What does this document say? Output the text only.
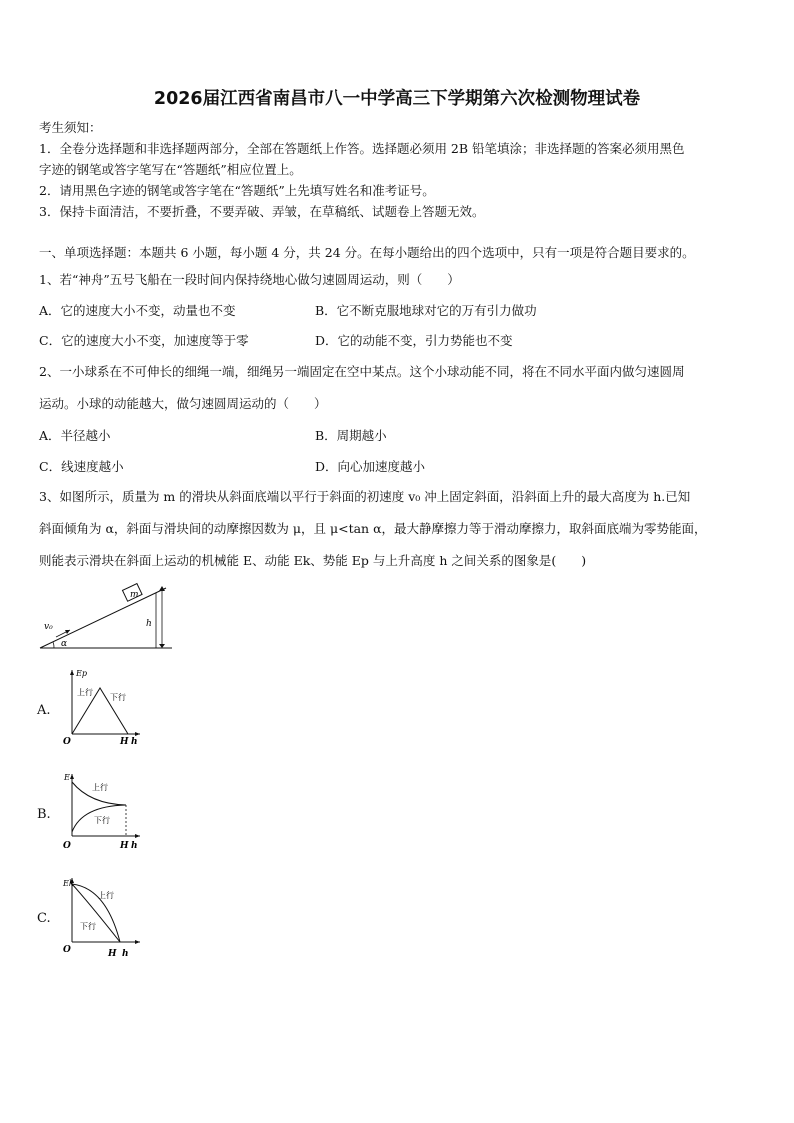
2026届江西省南昌市八一中学高三下学期第六次检测物理试卷
考生须知：
1．全卷分选择题和非选择题两部分，全部在答题纸上作答。选择题必须用 2B 铅笔填涂；非选择题的答案必须用黑色
字迹的钢笔或答字笔写在“答题纸”相应位置上。
2．请用黑色字迹的钢笔或答字笔在“答题纸”上先填写姓名和准考证号。
3．保持卡面清洁，不要折叠，不要弄破、弄皱，在草稿纸、试题卷上答题无效。
一、单项选择题：本题共 6 小题，每小题 4 分，共 24 分。在每小题给出的四个选项中，只有一项是符合题目要求的。
1、若“神舟”五号飞船在一段时间内保持绕地心做匀速圆周运动，则（　　）
A．它的速度大小不变，动量也不变	B．它不断克服地球对它的万有引力做功
C．它的速度大小不变，加速度等于零	D．它的动能不变，引力势能也不变
2、一小球系在不可伸长的细绳一端，细绳另一端固定在空中某点。这个小球动能不同，将在不同水平面内做匀速圆周
运动。小球的动能越大，做匀速圆周运动的（　　）
A．半径越小	B．周期越小
C．线速度越小	D．向心加速度越小
3、如图所示，质量为 m 的滑块从斜面底端以平行于斜面的初速度 v₀ 冲上固定斜面，沿斜面上升的最大高度为 h.已知
斜面倾角为 α，斜面与滑块间的动摩擦因数为 μ，且 μ<tan α，最大静摩擦力等于滑动摩擦力，取斜面底端为零势能面，
则能表示滑块在斜面上运动的机械能 E、动能 Ek、势能 Ep 与上升高度 h 之间关系的图象是(　　)
m
v₀	h
α
A.
Ep
上行
下行
O	H h
B.
E
上行
下行
O	H h
C.
Ek
上行
下行
O	H h
